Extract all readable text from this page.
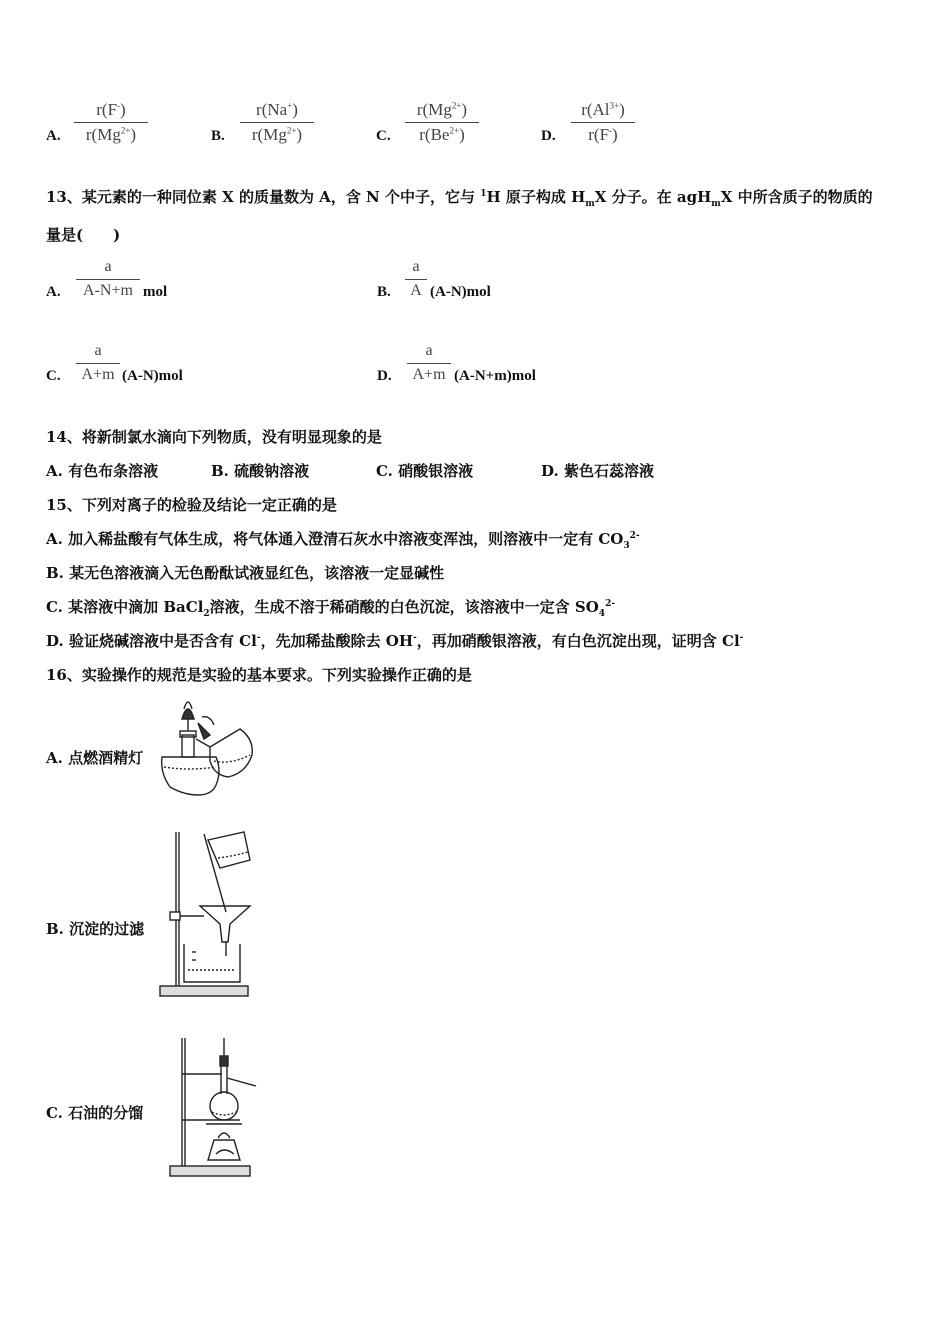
A. $\frac{r(F^-)}{r(Mg^{2+})}$	B. $\frac{r(Na^+)}{r(Mg^{2+})}$	C. $\frac{r(Mg^{2+})}{r(Be^{2+})}$	D. $\frac{r(Al^{3+})}{r(F^-)}$
13、某元素的一种同位素 X 的质量数为 A，含 N 个中子，它与 $^1$H 原子构成 $H_mX$ 分子。在 agH$_m$X 中所含质子的物质的
量是(　　)
A. $\frac{a}{A-N+m}$ mol	B. $\frac{a}{A} (A-N)mol$
C. $\frac{a}{A+m} (A-N)mol$	D. $\frac{a}{A+m} (A-N+m)mol$
14、将新制氯水滴向下列物质，没有明显现象的是
A. 有色布条溶液	B. 硫酸钠溶液	C. 硝酸银溶液	D. 紫色石蕊溶液
15、下列对离子的检验及结论一定正确的是
A. 加入稀盐酸有气体生成，将气体通入澄清石灰水中溶液变浑浊，则溶液中一定有 $CO_3^{2-}$
B. 某无色溶液滴入无色酚酞试液显红色，该溶液一定显碱性
C. 某溶液中滴加 BaCl$_2$溶液，生成不溶于稀硝酸的白色沉淀，该溶液中一定含 $SO_4^{2-}$
D. 验证烧碱溶液中是否含有 Cl-，先加稀盐酸除去 OH-，再加硝酸银溶液，有白色沉淀出现，证明含 Cl-
16、实验操作的规范是实验的基本要求。下列实验操作正确的是
A. 点燃酒精灯
B. 沉淀的过滤
C. 石油的分馏
